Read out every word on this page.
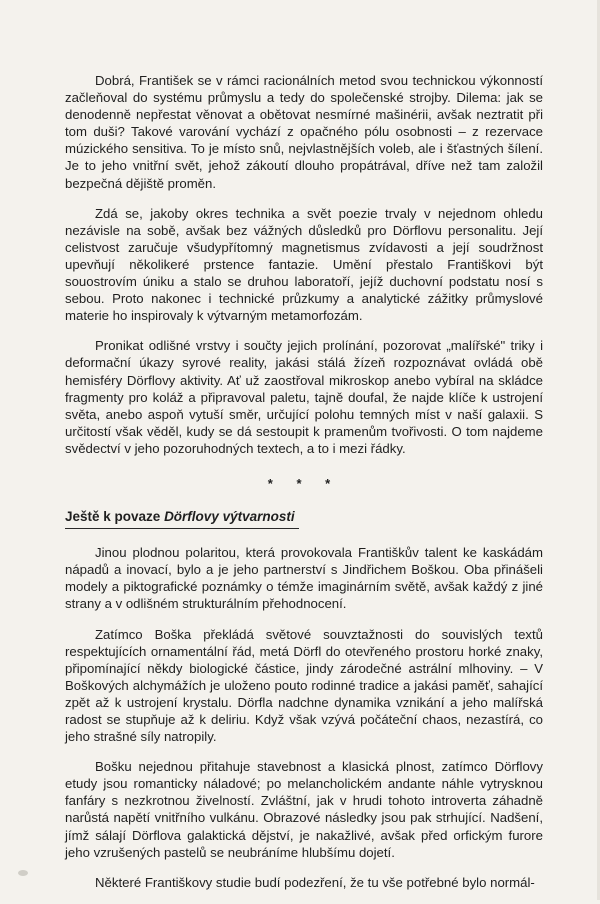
Dobrá, František se v rámci racionálních metod svou technickou výkonností začleňoval do systému průmyslu a tedy do společenské strojby. Dilema: jak se denodenně nepřestat věnovat a obětovat nesmírné mašinérii, avšak neztratit při tom duši? Takové varování vychází z opačného pólu osobnosti – z rezervace múzického sensitiva. To je místo snů, nejvlastnějších voleb, ale i šťastných šílení. Je to jeho vnitřní svět, jehož zákoutí dlouho propátrával, dříve než tam založil bezpečná dějiště proměn.

Zdá se, jakoby okres technika a svět poezie trvaly v nejednom ohledu nezávisle na sobě, avšak bez vážných důsledků pro Dörflovu personalitu. Její celistvost zaručuje všudypřítomný magnetismus zvídavosti a její soudržnost upevňují několikeré prstence fantazie. Umění přestalo Františkovi být souostrovím úniku a stalo se druhou laboratoří, jejíž duchovní podstatu nosí s sebou. Proto nakonec i technické průzkumy a analytické zážitky průmyslové materie ho inspirovaly k výtvarným metamorfozám.

Pronikat odlišné vrstvy i součty jejich prolínání, pozorovat „malířské" triky i deformační úkazy syrové reality, jakási stálá žízeň rozpoznávat ovládá obě hemisféry Dörflovy aktivity. Ať už zaostřoval mikroskop anebo vybíral na skládce fragmenty pro koláž a připravoval paletu, tajně doufal, že najde klíče k ustrojení světa, anebo aspoň vytuší směr, určující polohu temných míst v naší galaxii. S určitostí však věděl, kudy se dá sestoupit k pramenům tvořivosti. O tom najdeme svědectví v jeho pozoruhodných textech, a to i mezi řádky.

* * *
Ještě k povaze Dörflovy výtvarnosti

Jinou plodnou polaritou, která provokovala Františkův talent ke kaskádám nápadů a inovací, bylo a je jeho partnerství s Jindřichem Boškou. Oba přinášeli modely a piktografické poznámky o témže imaginárním světě, avšak každý z jiné strany a v odlišném strukturálním přehodnocení.

Zatímco Boška překládá světové souvztažnosti do souvislých textů respektujících ornamentální řád, metá Dörfl do otevřeného prostoru horké znaky, připomínající někdy biologické částice, jindy zárodečné astrální mlhoviny. – V Boškových alchymážích je uloženo pouto rodinné tradice a jakási paměť, sahající zpět až k ustrojení krystalu. Dörfla nadchne dynamika vznikání a jeho malířská radost se stupňuje až k deliriu. Když však vzývá počáteční chaos, nezastírá, co jeho strašné síly natropily.

Bošku nejednou přitahuje stavebnost a klasická plnost, zatímco Dörflovy etudy jsou romanticky náladové; po melancholickém andante náhle vytrysknou fanfáry s nezkrotnou živelností. Zvláštní, jak v hrudi tohoto introverta záhadně narůstá napětí vnitřního vulkánu. Obrazové následky jsou pak strhující. Nadšení, jímž sálají Dörflova galaktická dějství, je nakažlivé, avšak před orfickým furore jeho vzrušených pastelů se neubráníme hlubšímu dojetí.

Některé Františkovy studie budí podezření, že tu vše potřebné bylo normál-
